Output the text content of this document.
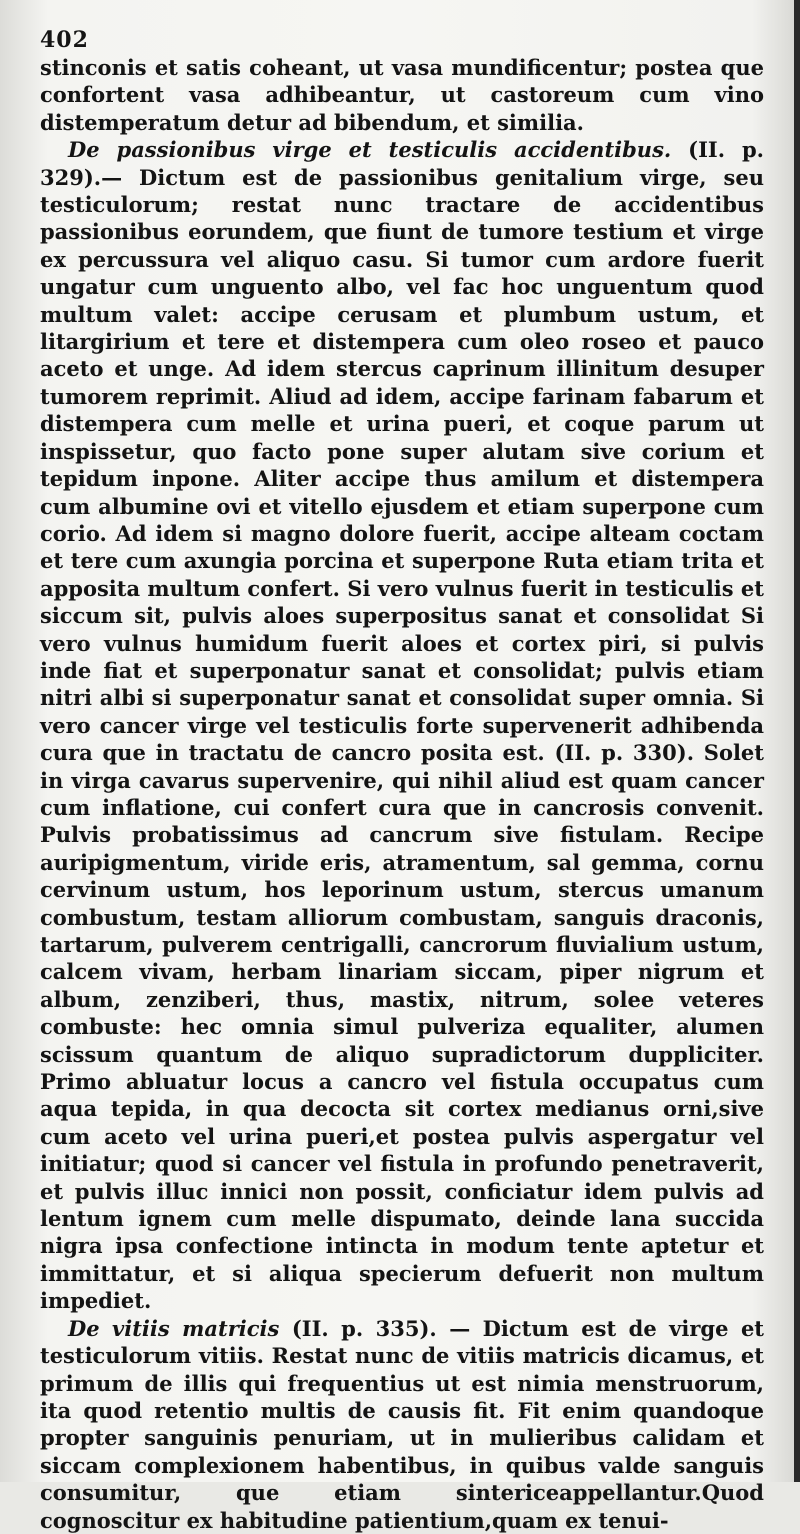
402

stinconis et satis coheant, ut vasa mundificentur; postea que confortent vasa adhibeantur, ut castoreum cum vino distemperatum detur ad bibendum, et similia.

De passionibus virge et testiculis accidentibus. (II. p. 329).— Dictum est de passionibus genitalium virge, seu testiculorum; restat nunc tractare de accidentibus passionibus eorundem, que fiunt de tumore testium et virge ex percussura vel aliquo casu. Si tumor cum ardore fuerit ungatur cum unguento albo, vel fac hoc unguentum quod multum valet: accipe cerusam et plumbum ustum, et litargirium et tere et distempera cum oleo roseo et pauco aceto et unge. Ad idem stercus caprinum illinitum desuper tumorem reprimit. Aliud ad idem, accipe farinam fabarum et distempera cum melle et urina pueri, et coque parum ut inspissetur, quo facto pone super alutam sive corium et tepidum inpone. Aliter accipe thus amilum et distempera cum albumine ovi et vitello ejusdem et etiam superpone cum corio. Ad idem si magno dolore fuerit, accipe alteam coctam et tere cum axungia porcina et superpone Ruta etiam trita et apposita multum confert. Si vero vulnus fuerit in testiculis et siccum sit, pulvis aloes superpositus sanat et consolidat Si vero vulnus humidum fuerit aloes et cortex piri, si pulvis inde fiat et superponatur sanat et consolidat; pulvis etiam nitri albi si superponatur sanat et consolidat super omnia. Si vero cancer virge vel testiculis forte supervenerit adhibenda cura que in tractatu de cancro posita est. (II. p. 330). Solet in virga cavarus supervenire, qui nihil aliud est quam cancer cum inflatione, cui confert cura que in cancrosis convenit. Pulvis probatissimus ad cancrum sive fistulam. Recipe auripigmentum, viride eris, atramentum, sal gemma, cornu cervinum ustum, hos leporinum ustum, stercus umanum combustum, testam alliorum combustam, sanguis draconis, tartarum, pulverem centrigalli, cancrorum fluvialium ustum, calcem vivam, herbam linariam siccam, piper nigrum et album, zenziberi, thus, mastix, nitrum, solee veteres combuste: hec omnia simul pulveriza equaliter, alumen scissum quantum de aliquo supradictorum duppliciter. Primo abluatur locus a cancro vel fistula occupatus cum aqua tepida, in qua decocta sit cortex medianus orni,sive cum aceto vel urina pueri,et postea pulvis aspergatur vel initiatur; quod si cancer vel fistula in profundo penetraverit, et pulvis illuc innici non possit, conficiatur idem pulvis ad lentum ignem cum melle dispumato, deinde lana succida nigra ipsa confectione intincta in modum tente aptetur et immittatur, et si aliqua specierum defuerit non multum impediet.

De vitiis matricis (II. p. 335). — Dictum est de virge et testiculorum vitiis. Restat nunc de vitiis matricis dicamus, et primum de illis qui frequentius ut est nimia menstruorum, ita quod retentio multis de causis fit. Fit enim quandoque propter sanguinis penuriam, ut in mulieribus calidam et siccam complexionem habentibus, in quibus valde sanguis consumitur, que etiam sintericeappellantur.Quod cognoscitur ex habitudine patientium,quam ex tenui-
